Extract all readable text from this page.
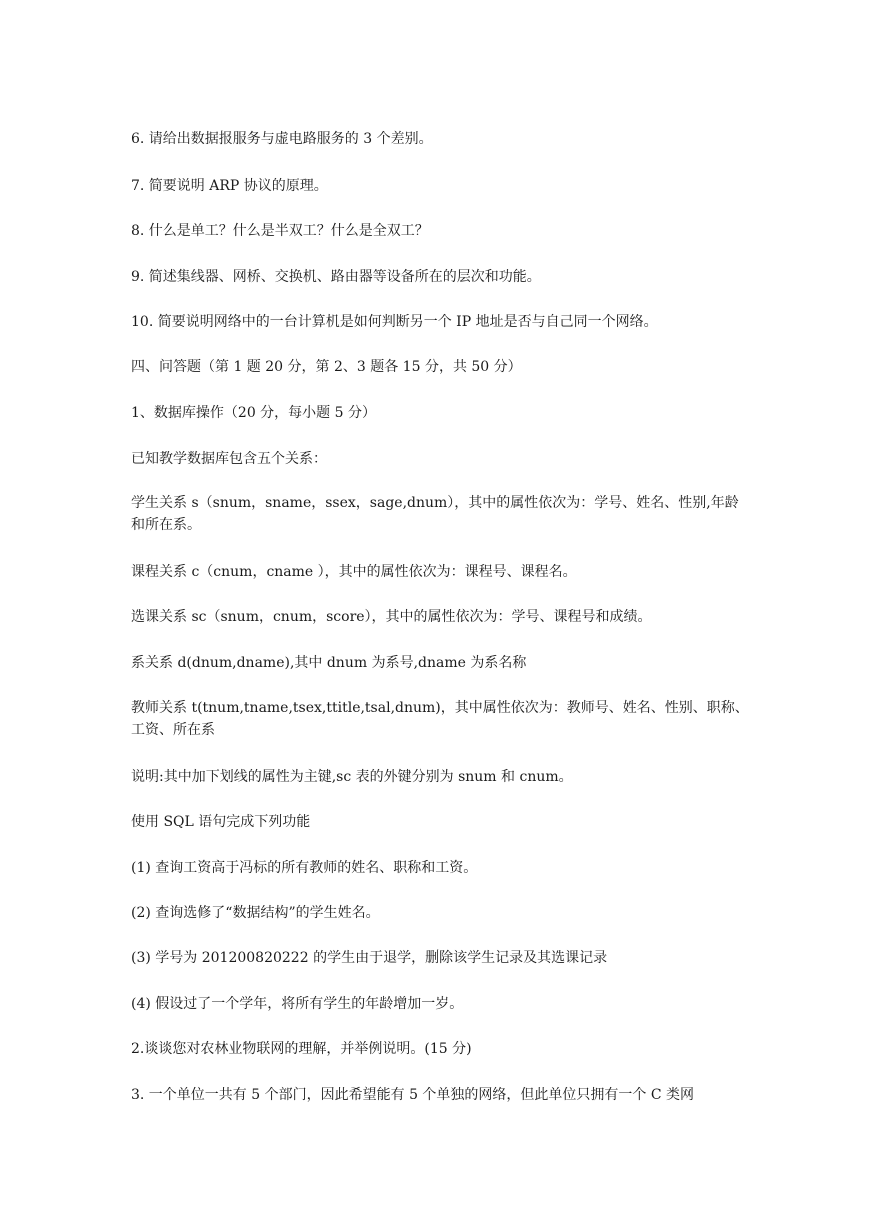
6. 请给出数据报服务与虚电路服务的 3 个差别。
7. 简要说明 ARP 协议的原理。
8. 什么是单工？什么是半双工？什么是全双工？
9. 简述集线器、网桥、交换机、路由器等设备所在的层次和功能。
10. 简要说明网络中的一台计算机是如何判断另一个 IP 地址是否与自己同一个网络。
四、问答题（第 1 题 20 分，第 2、3 题各 15 分，共 50 分）
1、数据库操作（20 分，每小题 5 分）
已知教学数据库包含五个关系：
学生关系 s（snum，sname，ssex，sage,dnum），其中的属性依次为：学号、姓名、性别,年龄和所在系。
课程关系 c（cnum，cname ），其中的属性依次为：课程号、课程名。
选课关系 sc（snum，cnum，score），其中的属性依次为：学号、课程号和成绩。
系关系 d(dnum,dname),其中 dnum 为系号,dname 为系名称
教师关系 t(tnum,tname,tsex,ttitle,tsal,dnum)，其中属性依次为：教师号、姓名、性别、职称、工资、所在系
说明:其中加下划线的属性为主键,sc 表的外键分别为 snum 和 cnum。
使用 SQL 语句完成下列功能
(1) 查询工资高于冯标的所有教师的姓名、职称和工资。
(2) 查询选修了“数据结构”的学生姓名。
(3) 学号为 201200820222 的学生由于退学，删除该学生记录及其选课记录
(4) 假设过了一个学年，将所有学生的年龄增加一岁。
2.谈谈您对农林业物联网的理解，并举例说明。(15 分)
3. 一个单位一共有 5 个部门，因此希望能有 5 个单独的网络，但此单位只拥有一个 C 类网
